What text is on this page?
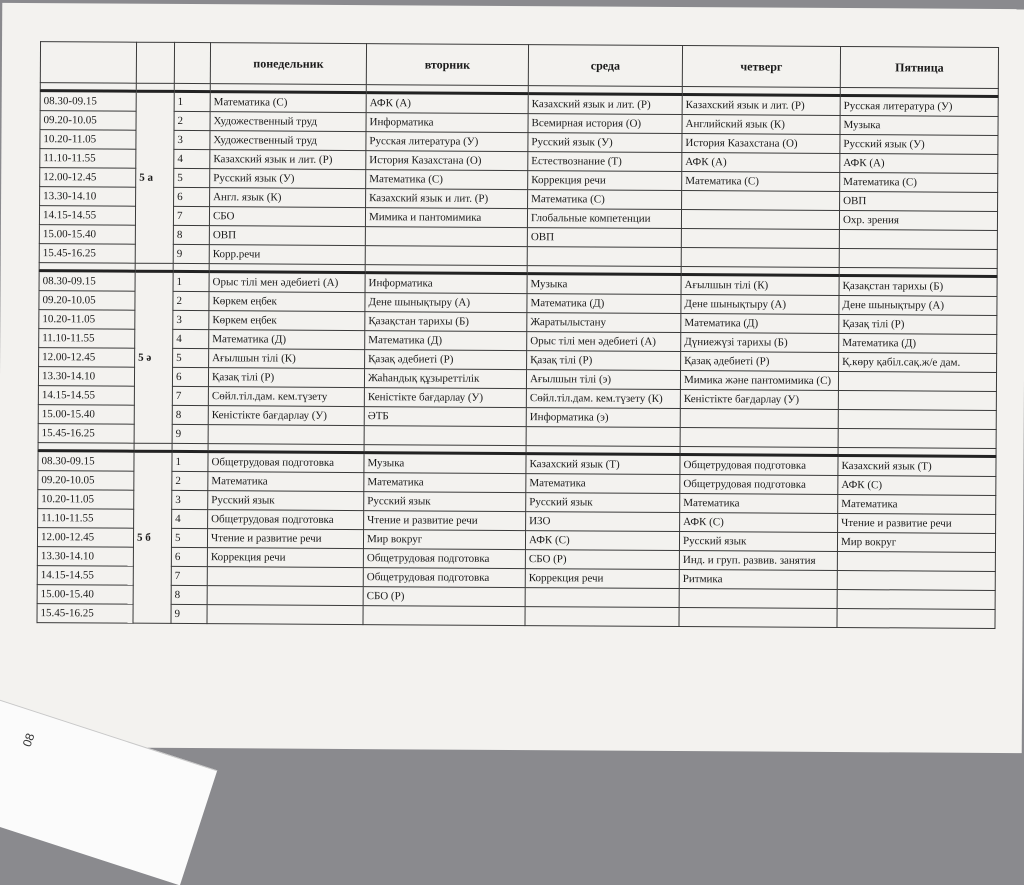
			понедельник	вторник	среда	четверг	Пятница

08.30-09.15	5 а	1	Математика (С)	АФК (А)	Казахский язык и лит. (Р)	Казахский язык и лит. (Р)	Русская литература (У)
09.20-10.05		2	Художественный труд	Информатика	Всемирная история (О)	Английский язык (К)	Музыка
10.20-11.05		3	Художественный труд	Русская литература (У)	Русский язык (У)	История Казахстана (О)	Русский язык (У)
11.10-11.55		4	Казахский язык и лит. (Р)	История Казахстана (О)	Естествознание (Т)	АФК (А)	АФК (А)
12.00-12.45		5	Русский язык (У)	Математика (С)	Коррекция речи	Математика (С)	Математика (С)
13.30-14.10		6	Англ. язык (К)	Казахский язык и лит. (Р)	Математика (С)		ОВП
14.15-14.55		7	СБО	Мимика и пантомимика	Глобальные компетенции		Охр. зрения
15.00-15.40		8	ОВП		ОВП		
15.45-16.25		9	Корр.речи				

08.30-09.15	5 ә	1	Орыс тілі мен әдебиеті (А)	Информатика	Музыка	Ағылшын тілі (К)	Қазақстан тарихы (Б)
09.20-10.05		2	Көркем еңбек	Дене шынықтыру (А)	Математика (Д)	Дене шынықтыру (А)	Дене шынықтыру (А)
10.20-11.05		3	Көркем еңбек	Қазақстан тарихы (Б)	Жаратылыстану	Математика (Д)	Қазақ тілі (Р)
11.10-11.55		4	Математика (Д)	Математика (Д)	Орыс тілі мен әдебиеті (А)	Дүниежүзі тарихы (Б)	Математика (Д)
12.00-12.45		5	Ағылшын тілі (К)	Қазақ әдебиеті (Р)	Қазақ тілі (Р)	Қазақ әдебиеті (Р)	Қ.көру қабіл.сақ.ж/е дам.
13.30-14.10		6	Қазақ тілі (Р)	Жаһандық құзыреттілік	Ағылшын тілі (э)	Мимика және пантомимика (С)	
14.15-14.55		7	Сөйл.тіл.дам. кем.түзету	Кеністікте бағдарлау (У)	Сөйл.тіл.дам. кем.түзету (К)	Кеністікте бағдарлау (У)	
15.00-15.40		8	Кеністікте бағдарлау (У)	ӘТБ	Информатика (э)		
15.45-16.25		9					

08.30-09.15	5 б	1	Общетрудовая подготовка	Музыка	Казахский язык (Т)	Общетрудовая подготовка	Казахский язык (Т)
09.20-10.05		2	Математика	Математика	Математика	Общетрудовая подготовка	АФК (С)
10.20-11.05		3	Русский язык	Русский язык	Русский язык	Математика	Математика
11.10-11.55		4	Общетрудовая подготовка	Чтение и развитие речи	ИЗО	АФК (С)	Чтение и развитие речи
12.00-12.45		5	Чтение и развитие речи	Мир вокруг	АФК (С)	Русский язык	Мир вокруг
13.30-14.10		6	Коррекция речи	Общетрудовая подготовка	СБО (Р)	Инд. и груп. развив. занятия	
14.15-14.55		7		Общетрудовая подготовка	Коррекция речи	Ритмика	
15.00-15.40		8		СБО (Р)			
15.45-16.25		9					
08
